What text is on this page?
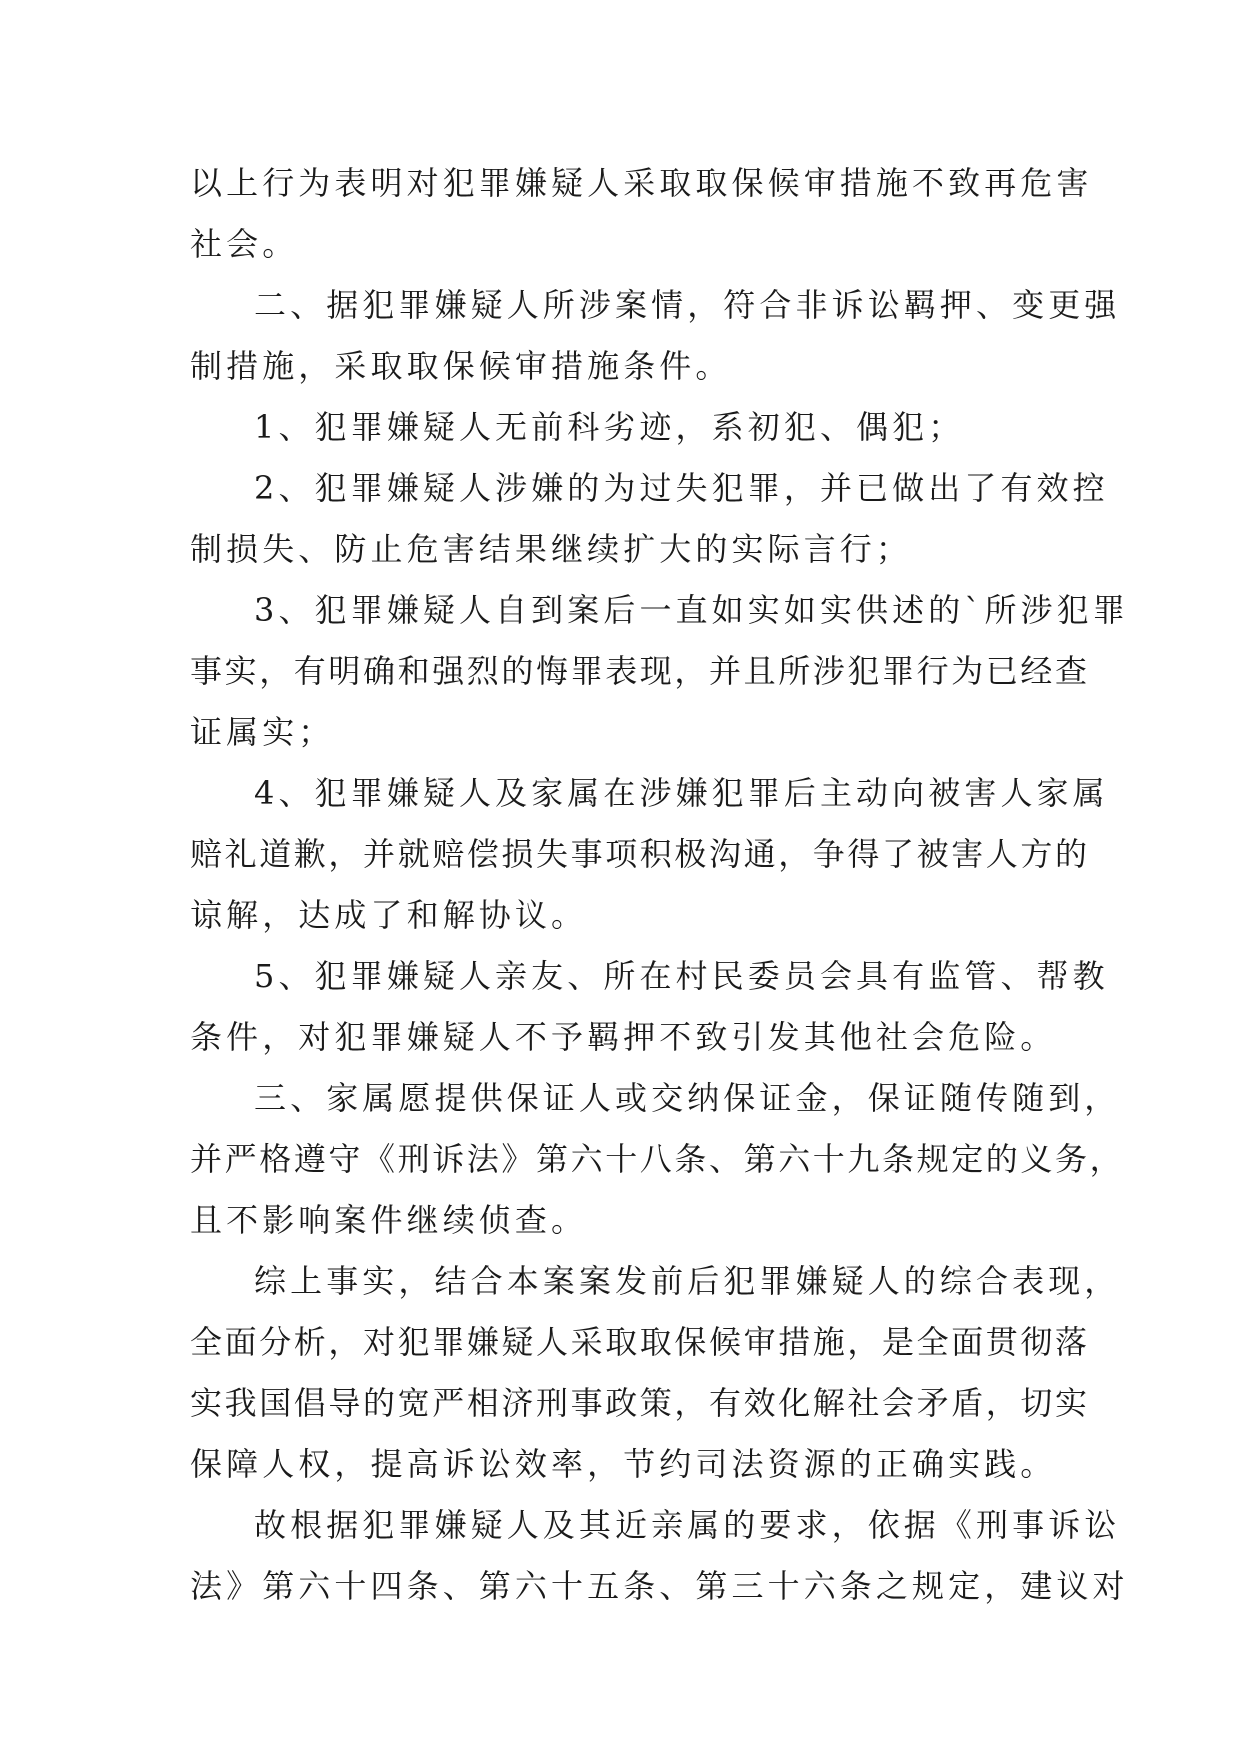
以上行为表明对犯罪嫌疑人采取取保候审措施不致再危害
社会。
二、据犯罪嫌疑人所涉案情，符合非诉讼羁押、变更强
制措施，采取取保候审措施条件。
1、犯罪嫌疑人无前科劣迹，系初犯、偶犯；
2、犯罪嫌疑人涉嫌的为过失犯罪，并已做出了有效控
制损失、防止危害结果继续扩大的实际言行；
3、犯罪嫌疑人自到案后一直如实如实供述的`所涉犯罪
事实，有明确和强烈的悔罪表现，并且所涉犯罪行为已经查
证属实；
4、犯罪嫌疑人及家属在涉嫌犯罪后主动向被害人家属
赔礼道歉，并就赔偿损失事项积极沟通，争得了被害人方的
谅解，达成了和解协议。
5、犯罪嫌疑人亲友、所在村民委员会具有监管、帮教
条件，对犯罪嫌疑人不予羁押不致引发其他社会危险。
三、家属愿提供保证人或交纳保证金，保证随传随到，
并严格遵守《刑诉法》第六十八条、第六十九条规定的义务，
且不影响案件继续侦查。
综上事实，结合本案案发前后犯罪嫌疑人的综合表现，
全面分析，对犯罪嫌疑人采取取保候审措施，是全面贯彻落
实我国倡导的宽严相济刑事政策，有效化解社会矛盾，切实
保障人权，提高诉讼效率，节约司法资源的正确实践。
故根据犯罪嫌疑人及其近亲属的要求，依据《刑事诉讼
法》第六十四条、第六十五条、第三十六条之规定，建议对
